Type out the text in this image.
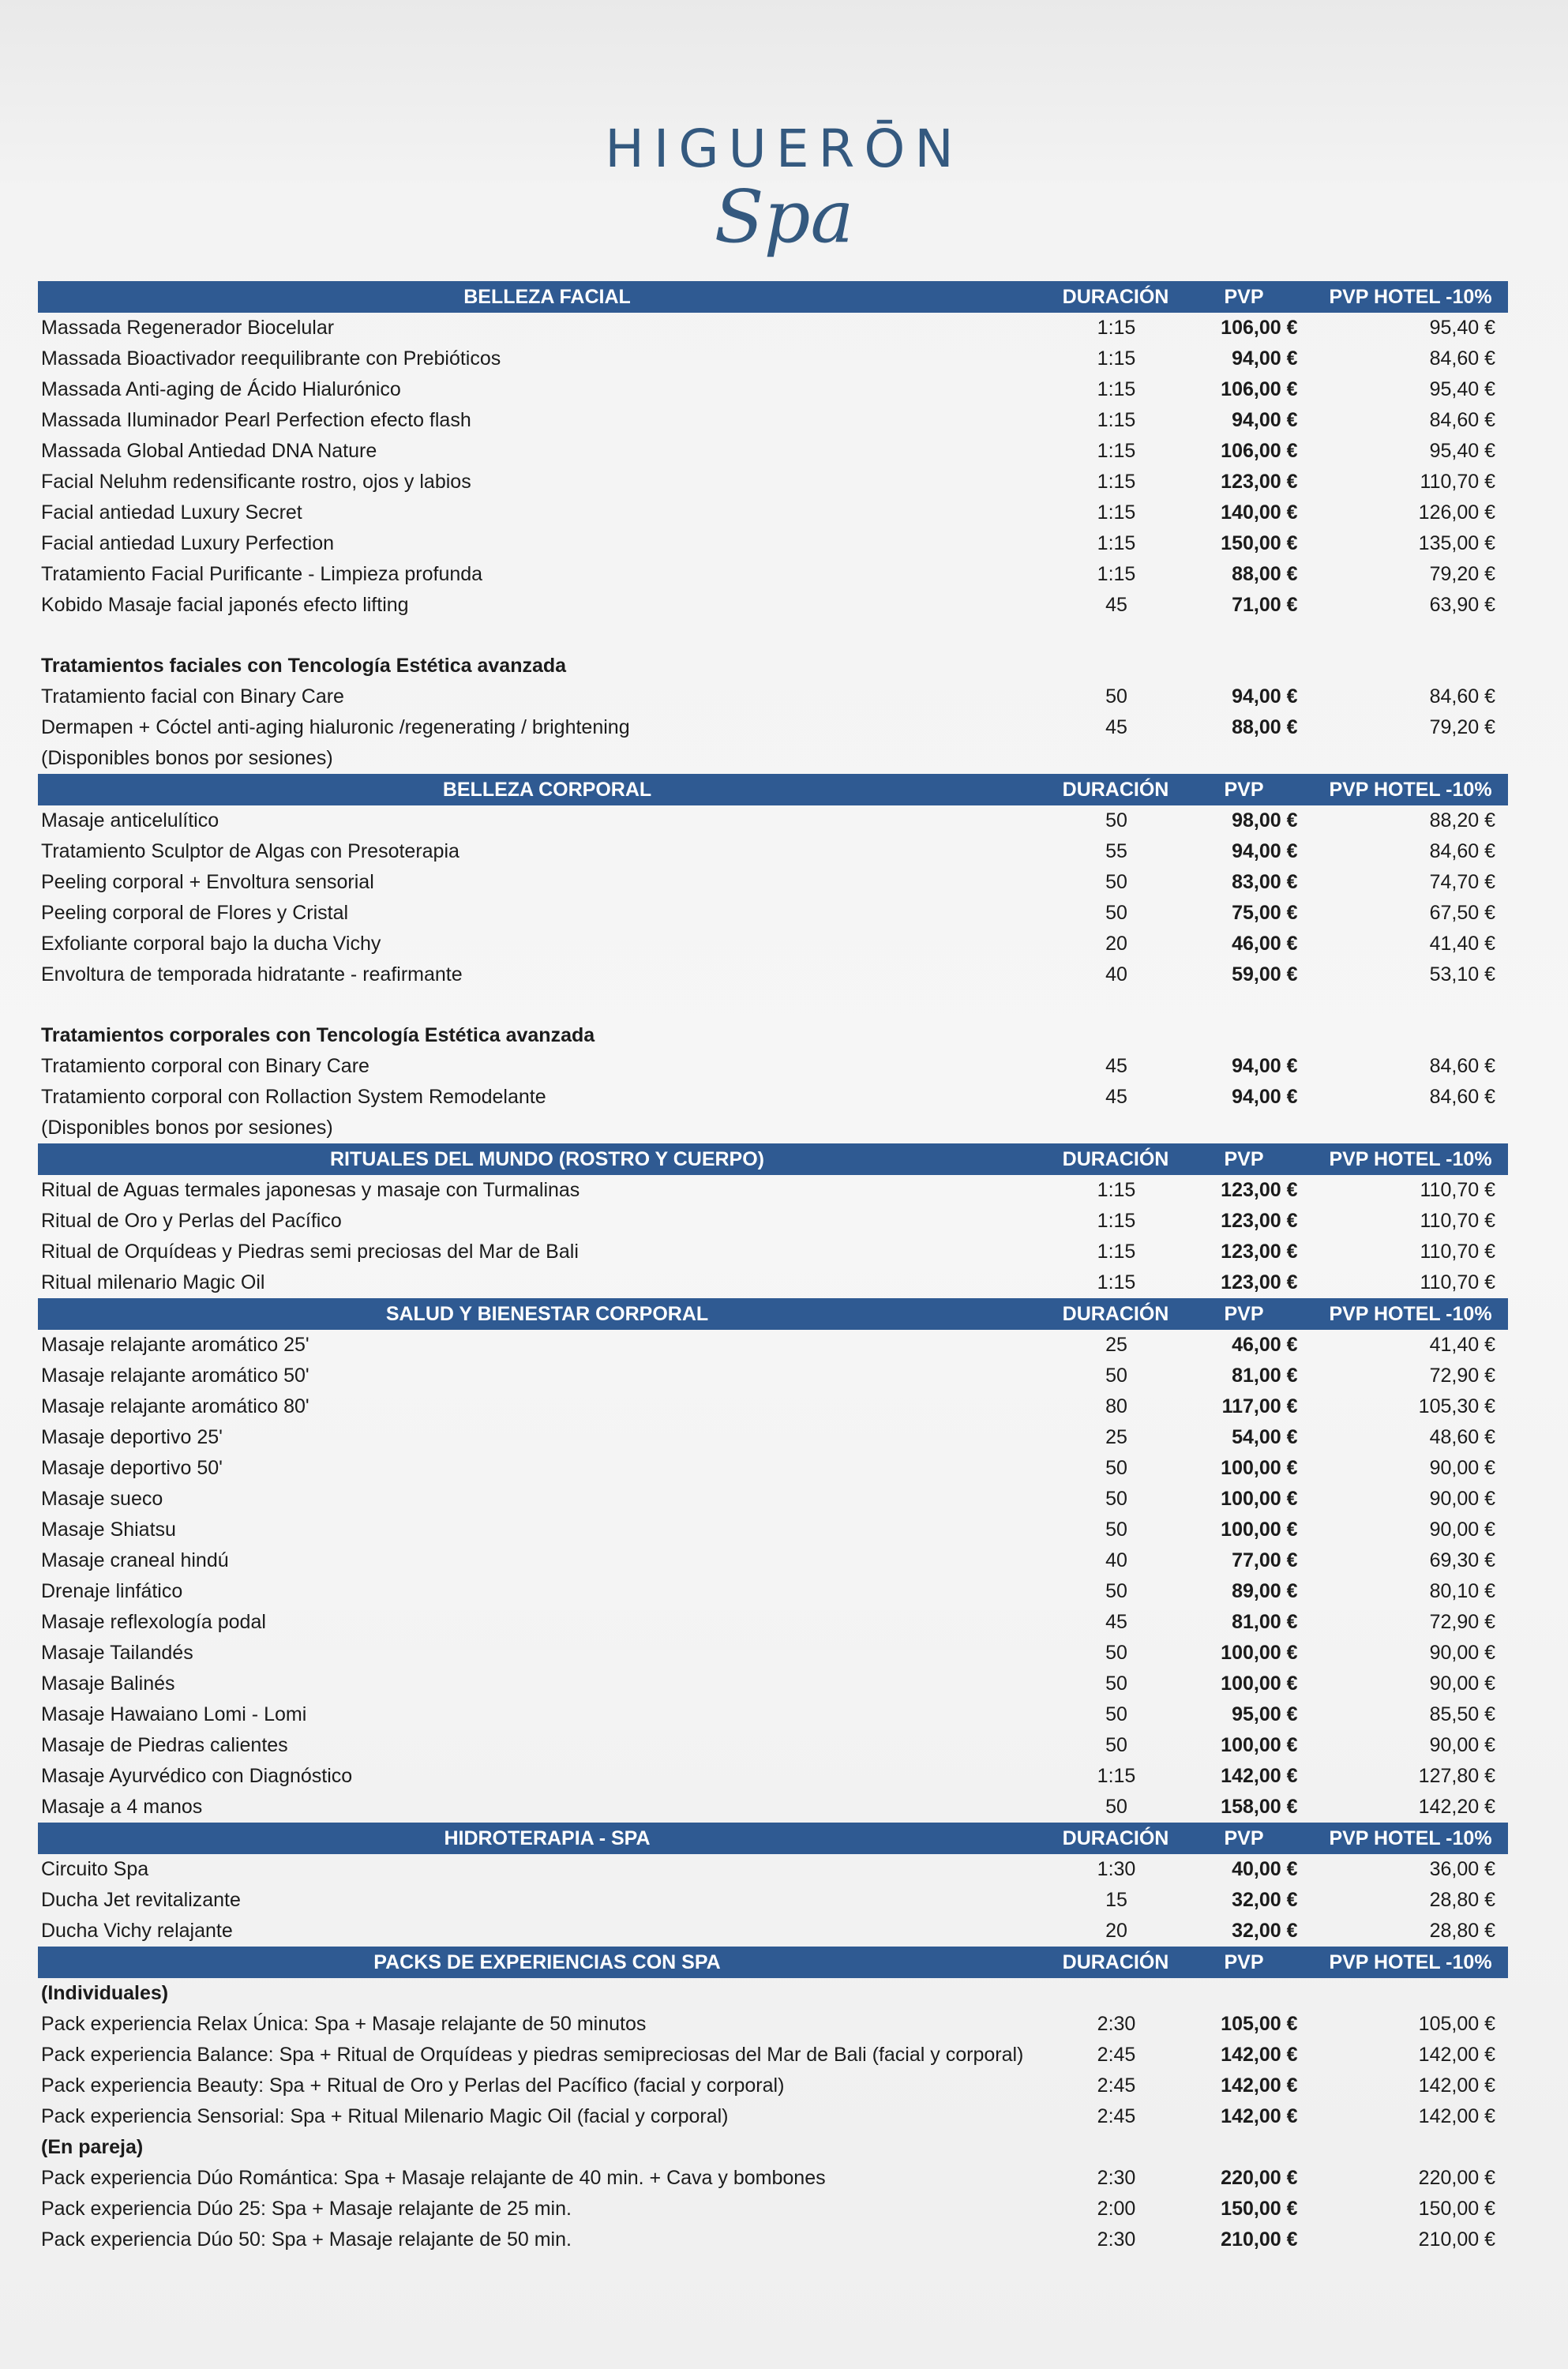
HIGUERŌN
Spa
BELLEZA FACIAL	DURACIÓN	PVP	PVP HOTEL -10%
Massada Regenerador Biocelular	1:15	106,00 €	95,40 €
Massada Bioactivador reequilibrante con Prebióticos	1:15	94,00 €	84,60 €
Massada Anti-aging de Ácido Hialurónico	1:15	106,00 €	95,40 €
Massada Iluminador Pearl Perfection efecto flash	1:15	94,00 €	84,60 €
Massada Global Antiedad DNA Nature	1:15	106,00 €	95,40 €
Facial Neluhm redensificante rostro, ojos y labios	1:15	123,00 €	110,70 €
Facial antiedad Luxury Secret	1:15	140,00 €	126,00 €
Facial antiedad Luxury Perfection	1:15	150,00 €	135,00 €
Tratamiento Facial Purificante - Limpieza profunda	1:15	88,00 €	79,20 €
Kobido Masaje facial japonés efecto lifting	45	71,00 €	63,90 €
Tratamientos faciales con Tencología Estética avanzada
Tratamiento facial con Binary Care	50	94,00 €	84,60 €
Dermapen + Cóctel anti-aging hialuronic /regenerating / brightening	45	88,00 €	79,20 €
(Disponibles bonos por sesiones)
BELLEZA CORPORAL	DURACIÓN	PVP	PVP HOTEL -10%
Masaje anticelulítico	50	98,00 €	88,20 €
Tratamiento Sculptor de Algas con Presoterapia	55	94,00 €	84,60 €
Peeling corporal + Envoltura sensorial	50	83,00 €	74,70 €
Peeling corporal de Flores y Cristal	50	75,00 €	67,50 €
Exfoliante corporal bajo la ducha Vichy	20	46,00 €	41,40 €
Envoltura de temporada hidratante - reafirmante	40	59,00 €	53,10 €
Tratamientos corporales con Tencología Estética avanzada
Tratamiento corporal con Binary Care	45	94,00 €	84,60 €
Tratamiento corporal con Rollaction System Remodelante	45	94,00 €	84,60 €
(Disponibles bonos por sesiones)
RITUALES DEL MUNDO (ROSTRO Y CUERPO)	DURACIÓN	PVP	PVP HOTEL -10%
Ritual de Aguas termales japonesas y masaje con Turmalinas	1:15	123,00 €	110,70 €
Ritual de Oro y Perlas del Pacífico	1:15	123,00 €	110,70 €
Ritual de Orquídeas y Piedras semi preciosas del Mar de Bali	1:15	123,00 €	110,70 €
Ritual milenario Magic Oil	1:15	123,00 €	110,70 €
SALUD Y BIENESTAR CORPORAL	DURACIÓN	PVP	PVP HOTEL -10%
Masaje relajante aromático 25'	25	46,00 €	41,40 €
Masaje relajante aromático 50'	50	81,00 €	72,90 €
Masaje relajante aromático 80'	80	117,00 €	105,30 €
Masaje deportivo 25'	25	54,00 €	48,60 €
Masaje deportivo 50'	50	100,00 €	90,00 €
Masaje sueco	50	100,00 €	90,00 €
Masaje Shiatsu	50	100,00 €	90,00 €
Masaje craneal hindú	40	77,00 €	69,30 €
Drenaje linfático	50	89,00 €	80,10 €
Masaje reflexología podal	45	81,00 €	72,90 €
Masaje Tailandés	50	100,00 €	90,00 €
Masaje Balinés	50	100,00 €	90,00 €
Masaje Hawaiano Lomi - Lomi	50	95,00 €	85,50 €
Masaje de Piedras calientes	50	100,00 €	90,00 €
Masaje Ayurvédico con Diagnóstico	1:15	142,00 €	127,80 €
Masaje a 4 manos	50	158,00 €	142,20 €
HIDROTERAPIA - SPA	DURACIÓN	PVP	PVP HOTEL -10%
Circuito Spa	1:30	40,00 €	36,00 €
Ducha Jet revitalizante	15	32,00 €	28,80 €
Ducha Vichy relajante	20	32,00 €	28,80 €
PACKS DE EXPERIENCIAS CON SPA	DURACIÓN	PVP	PVP HOTEL -10%
(Individuales)
Pack experiencia Relax Única: Spa + Masaje relajante de 50 minutos	2:30	105,00 €	105,00 €
Pack experiencia Balance: Spa + Ritual de Orquídeas y piedras semipreciosas del Mar de Bali (facial y corporal)	2:45	142,00 €	142,00 €
Pack experiencia Beauty: Spa + Ritual de Oro y Perlas del Pacífico (facial y corporal)	2:45	142,00 €	142,00 €
Pack experiencia Sensorial: Spa + Ritual Milenario Magic Oil (facial y corporal)	2:45	142,00 €	142,00 €
(En pareja)
Pack experiencia Dúo Romántica: Spa + Masaje relajante de 40 min. + Cava y bombones	2:30	220,00 €	220,00 €
Pack experiencia Dúo 25: Spa + Masaje relajante de 25 min.	2:00	150,00 €	150,00 €
Pack experiencia Dúo 50: Spa + Masaje relajante de 50 min.	2:30	210,00 €	210,00 €
